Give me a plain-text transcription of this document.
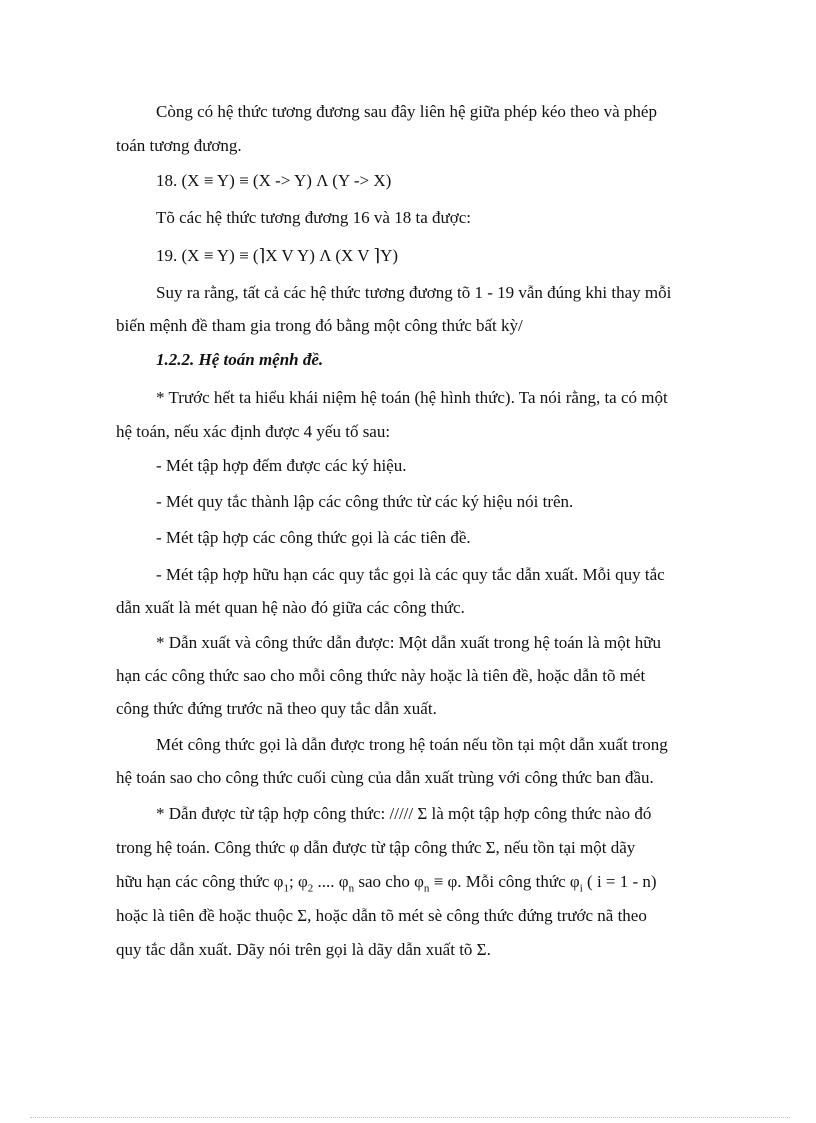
Còng có hệ thức tương đương sau đây liên hệ giữa phép kéo theo và phép

toán tương đương.

18. (X ≡ Y) ≡ (X -> Y) Λ (Y -> X)

Tõ các hệ thức tương đương 16 và 18 ta được:

19. (X ≡ Y) ≡ (⌉X V Y) Λ (X V ⌉Y)

Suy ra rằng, tất cả các hệ thức tương đương tõ 1 - 19 vẫn đúng khi thay mỗi

biến mệnh đề tham gia trong đó bằng một công thức bất kỳ/

1.2.2. Hệ toán mệnh đề.

* Trước hết ta hiểu khái niệm hệ toán (hệ hình thức). Ta nói rằng, ta có một

hệ toán, nếu xác định được 4 yếu tố sau:

- Mét tập hợp đếm được các ký hiệu.

- Mét quy tắc thành lập các công thức từ các ký hiệu nói trên.

- Mét tập hợp các công thức gọi là các tiên đề.

- Mét tập hợp hữu hạn các quy tắc gọi là các quy tắc dẫn xuất. Mỗi quy tắc

dẫn xuất là mét quan hệ nào đó giữa các công thức.

* Dẫn xuất và công thức dẫn được: Một dẫn xuất trong hệ toán là một hữu

hạn các công thức sao cho mỗi công thức này hoặc là tiên đề, hoặc dẫn tõ mét

công thức đứng trước nã theo quy tắc dẫn xuất.

Mét công thức gọi là dẫn được trong hệ toán nếu tồn tại một dẫn xuất trong

hệ toán sao cho công thức cuối cùng của dẫn xuất trùng với công thức ban đầu.

* Dẫn được từ tập hợp công thức: ///// Σ là một tập hợp công thức nào đó

trong hệ toán. Công thức φ dẫn được từ tập công thức Σ, nếu tồn tại một dãy

hữu hạn các công thức $\varphi_1$; $\varphi_2$ .... $\varphi_n$ sao cho $\varphi_n \equiv \varphi$. Mỗi công thức $\varphi_i$ ( i = 1 - n)

hoặc là tiên đề hoặc thuộc Σ, hoặc dẫn tõ mét sè công thức đứng trước nã theo

quy tắc dẫn xuất. Dãy nói trên gọi là dãy dẫn xuất tõ Σ.
